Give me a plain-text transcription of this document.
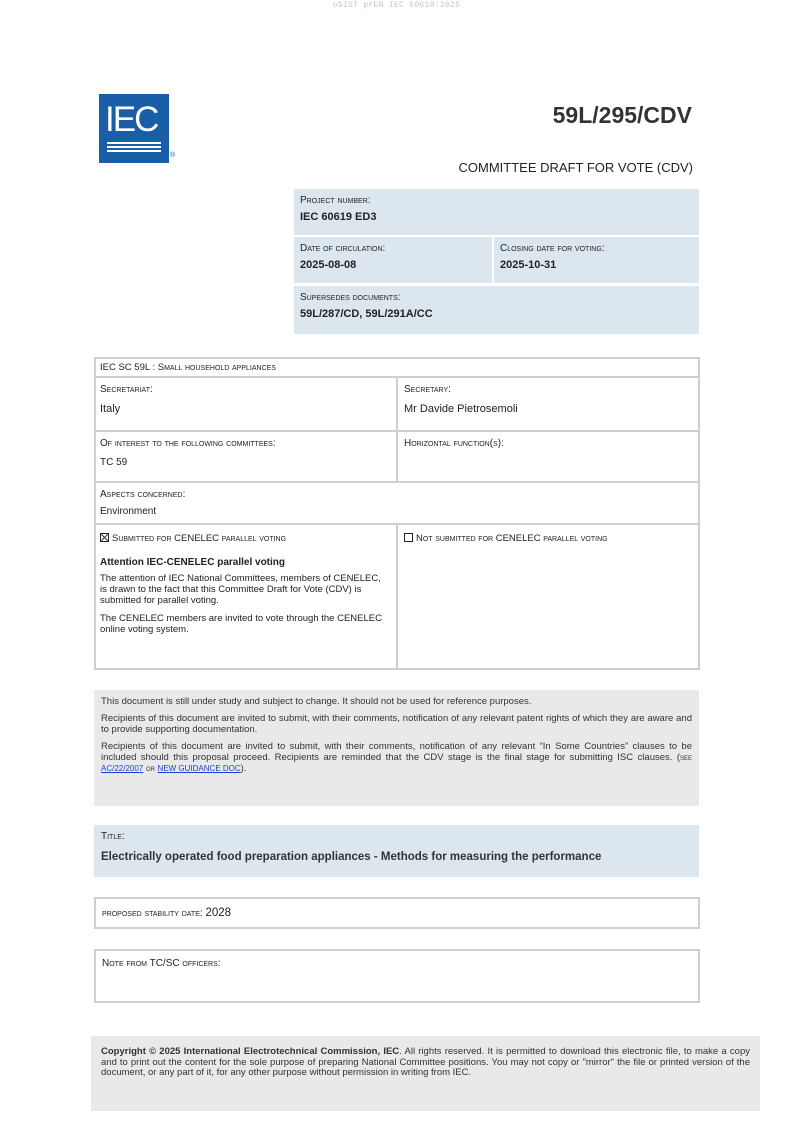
oSIST prEN IEC 60619:2025
IEC
®
59L/295/CDV
COMMITTEE DRAFT FOR VOTE (CDV)
Project number:
IEC 60619 ED3
Date of circulation:
2025-08-08
Closing date for voting:
2025-10-31
Supersedes documents:
59L/287/CD, 59L/291A/CC
IEC SC 59L : Small household appliances
Secretariat:
Italy
Secretary:
Mr Davide Pietrosemoli
Of interest to the following committees:
TC 59
Horizontal function(s):
Aspects concerned:
Environment
Submitted for CENELEC parallel voting
Attention IEC-CENELEC parallel voting
The attention of IEC National Committees, members of CENELEC, is drawn to the fact that this Committee Draft for Vote (CDV) is submitted for parallel voting.
The CENELEC members are invited to vote through the CENELEC online voting system.
Not submitted for CENELEC parallel voting

This document is still under study and subject to change. It should not be used for reference purposes.

Recipients of this document are invited to submit, with their comments, notification of any relevant patent rights of which they are aware and to provide supporting documentation.

Recipients of this document are invited to submit, with their comments, notification of any relevant “In Some Countries” clauses to be included should this proposal proceed. Recipients are reminded that the CDV stage is the final stage for submitting ISC clauses. (see AC/22/2007 or NEW GUIDANCE DOC).

Title:
Electrically operated food preparation appliances - Methods for measuring the performance
proposed stability date: 2028
Note from TC/SC officers:
Copyright © 2025 International Electrotechnical Commission, IEC. All rights reserved. It is permitted to download this electronic file, to make a copy and to print out the content for the sole purpose of preparing National Committee positions. You may not copy or "mirror" the file or printed version of the document, or any part of it, for any other purpose without permission in writing from IEC.
